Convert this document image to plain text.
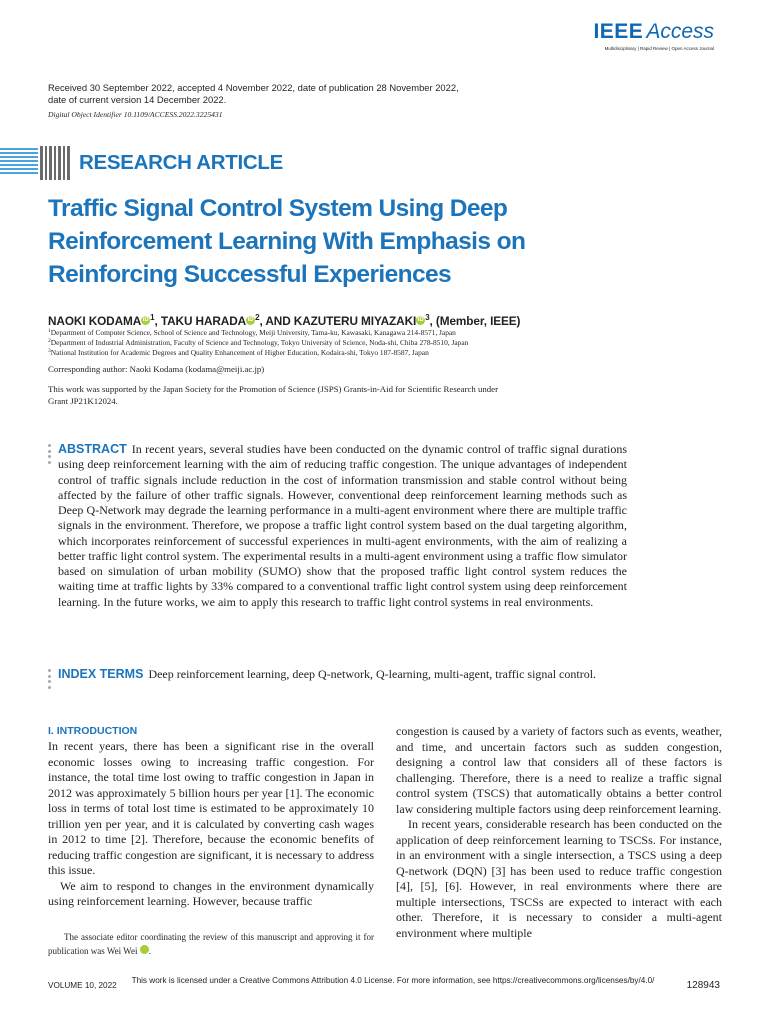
IEEE Access
Multidisciplinary | Rapid Review | Open Access Journal
Received 30 September 2022, accepted 4 November 2022, date of publication 28 November 2022,
date of current version 14 December 2022.
Digital Object Identifier 10.1109/ACCESS.2022.3225431
RESEARCH ARTICLE
Traffic Signal Control System Using Deep
Reinforcement Learning With Emphasis on
Reinforcing Successful Experiences
NAOKI KODAMA iD $^1$, TAKU HARADA iD $^2$, AND KAZUTERU MIYAZAKI iD $^3$, (Member, IEEE)
$^1$Department of Computer Science, School of Science and Technology, Meiji University, Tama-ku, Kawasaki, Kanagawa 214-8571, Japan
$^2$Department of Industrial Administration, Faculty of Science and Technology, Tokyo University of Science, Noda-shi, Chiba 278-8510, Japan
$^3$National Institution for Academic Degrees and Quality Enhancement of Higher Education, Kodaira-shi, Tokyo 187-8587, Japan
Corresponding author: Naoki Kodama (kodama@meiji.ac.jp)
This work was supported by the Japan Society for the Promotion of Science (JSPS) Grants-in-Aid for Scientific Research under
Grant JP21K12024.
ABSTRACT In recent years, several studies have been conducted on the dynamic control of traffic signal durations using deep reinforcement learning with the aim of reducing traffic congestion. The unique advantages of independent control of traffic signals include reduction in the cost of information transmission and stable control without being affected by the failure of other traffic signals. However, conventional deep reinforcement learning methods such as Deep Q-Network may degrade the learning performance in a multi-agent environment where there are multiple traffic signals in the environment. Therefore, we propose a traffic light control system based on the dual targeting algorithm, which incorporates reinforcement of successful experiences in multi-agent environments, with the aim of realizing a better traffic light control system. The experimental results in a multi-agent environment using a traffic flow simulator based on simulation of urban mobility (SUMO) show that the proposed traffic light control system reduces the waiting time at traffic lights by 33% compared to a conventional traffic light control system using deep reinforcement learning. In the future works, we aim to apply this research to traffic light control systems in real environments.
INDEX TERMS Deep reinforcement learning, deep Q-network, Q-learning, multi-agent, traffic signal control.
I. INTRODUCTION

In recent years, there has been a significant rise in the overall economic losses owing to increasing traffic congestion. For instance, the total time lost owing to traffic congestion in Japan in 2012 was approximately 5 billion hours per year [1]. The economic loss in terms of total lost time is estimated to be approximately 10 trillion yen per year, and it is calculated by converting cash wages in 2012 to time [2]. Therefore, because the economic benefits of reducing traffic congestion are significant, it is necessary to address this issue.

We aim to respond to changes in the environment dynamically using reinforcement learning. However, because traffic

congestion is caused by a variety of factors such as events, weather, and time, and uncertain factors such as sudden congestion, designing a control law that considers all of these factors is challenging. Therefore, there is a need to realize a traffic signal control system (TSCS) that automatically obtains a better control law considering multiple factors using deep reinforcement learning.

In recent years, considerable research has been conducted on the application of deep reinforcement learning to TSCSs. For instance, in an environment with a single intersection, a TSCS using a deep Q-network (DQN) [3] has been used to reduce traffic congestion [4], [5], [6]. However, in real environments where there are multiple intersections, TSCSs are expected to interact with each other. Therefore, it is necessary to consider a multi-agent environment where multiple

The associate editor coordinating the review of this manuscript and approving it for publication was Wei Wei	iD.
VOLUME 10, 2022
This work is licensed under a Creative Commons Attribution 4.0 License. For more information, see https://creativecommons.org/licenses/by/4.0/	128943
